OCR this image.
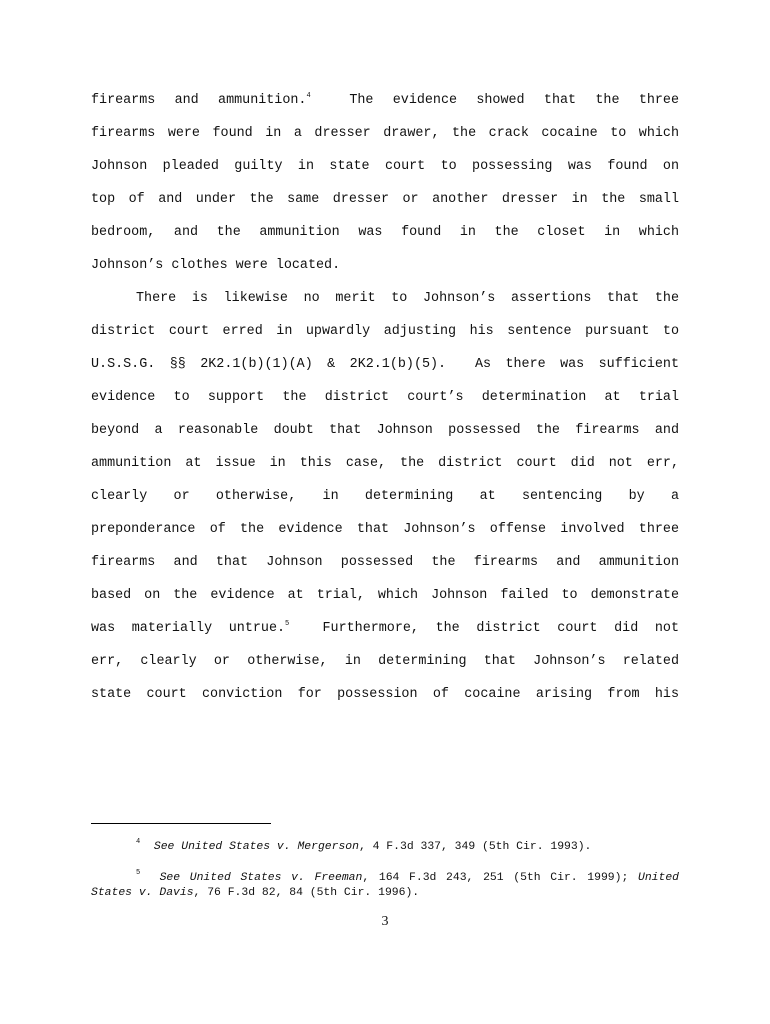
firearms and ammunition.$^4$  The evidence showed that the three
firearms were found in a dresser drawer, the crack cocaine to which
Johnson pleaded guilty in state court to possessing was found on
top of and under the same dresser or another dresser in the small
bedroom, and the ammunition was found in the closet in which
Johnson’s clothes were located.
There is likewise no merit to Johnson’s assertions that the
district court erred in upwardly adjusting his sentence pursuant to
U.S.S.G. §§ 2K2.1(b)(1)(A) & 2K2.1(b)(5).  As there was sufficient
evidence to support the district court’s determination at trial
beyond a reasonable doubt that Johnson possessed the firearms and
ammunition at issue in this case, the district court did not err,
clearly or otherwise, in determining at sentencing by a
preponderance of the evidence that Johnson’s offense involved three
firearms and that Johnson possessed the firearms and ammunition
based on the evidence at trial, which Johnson failed to demonstrate
was materially untrue.$^5$  Furthermore, the district court did not
err, clearly or otherwise, in determining that Johnson’s related
state court conviction for possession of cocaine arising from his
$^4$ See United States v. Mergerson, 4 F.3d 337, 349 (5th Cir. 1993).
$^5$ See United States v. Freeman, 164 F.3d 243, 251 (5th Cir. 1999); United
States v. Davis, 76 F.3d 82, 84 (5th Cir. 1996).
3
